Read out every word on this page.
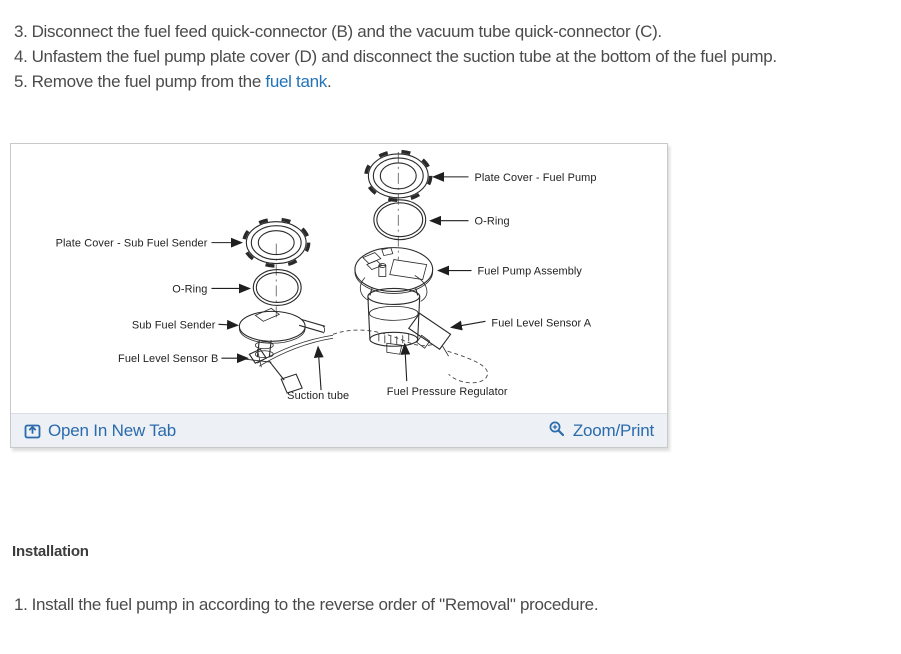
3. Disconnect the fuel feed quick-connector (B) and the vacuum tube quick-connector (C).
4. Unfastem the fuel pump plate cover (D) and disconnect the suction tube at the bottom of the fuel pump.
5. Remove the fuel pump from the fuel tank.
Plate Cover - Fuel Pump
O-Ring
Fuel Pump Assembly
Fuel Level Sensor A
Fuel Pressure Regulator
Plate Cover - Sub Fuel Sender
O-Ring
Sub Fuel Sender
Fuel Level Sensor B
Suction tube
Open In New Tab	Zoom/Print
Installation
1. Install the fuel pump in according to the reverse order of "Removal" procedure.
